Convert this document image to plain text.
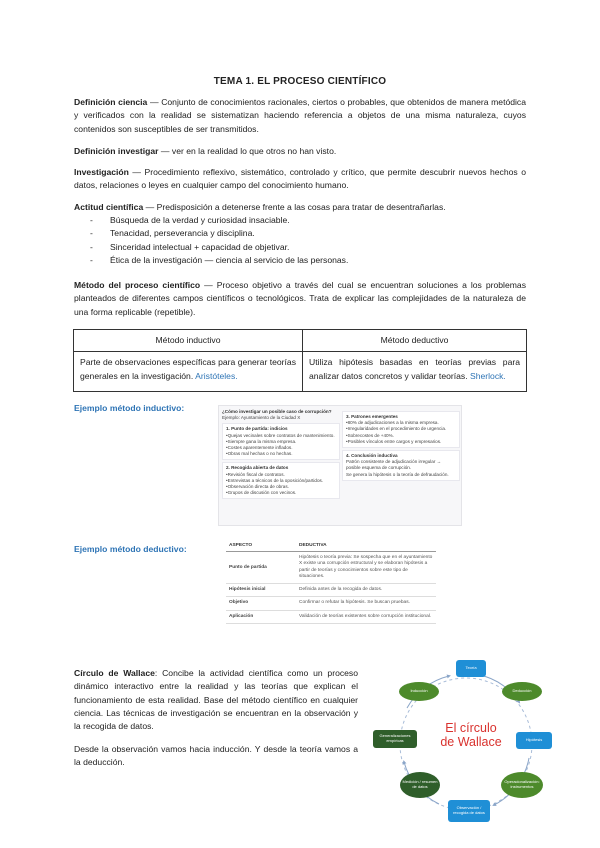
TEMA 1. EL PROCESO CIENTÍFICO

Definición ciencia — Conjunto de conocimientos racionales, ciertos o probables, que obtenidos de manera metódica y verificados con la realidad se sistematizan haciendo referencia a objetos de una misma naturaleza, cuyos contenidos son susceptibles de ser transmitidos.

Definición investigar — ver en la realidad lo que otros no han visto.

Investigación — Procedimiento reflexivo, sistemático, controlado y crítico, que permite descubrir nuevos hechos o datos, relaciones o leyes en cualquier campo del conocimiento humano.

Actitud científica — Predisposición a detenerse frente a las cosas para tratar de desentrañarlas.

- Búsqueda de la verdad y curiosidad insaciable.
- Tenacidad, perseverancia y disciplina.
- Sinceridad intelectual + capacidad de objetivar.
- Ética de la investigación — ciencia al servicio de las personas.

Método del proceso científico — Proceso objetivo a través del cual se encuentran soluciones a los problemas planteados de diferentes campos científicos o tecnológicos. Trata de explicar las complejidades de la naturaleza de una forma replicable (repetible).

Método inductivo	Método deductivo
Parte de observaciones específicas para generar teorías generales en la investigación. Aristóteles.	Utiliza hipótesis basadas en teorías previas para analizar datos concretos y validar teorías. Sherlock.
Ejemplo método inductivo:	¿Cómo investigar un posible caso de corrupción?
Ejemplo: Ayuntamiento de la Ciudad X
1. Punto de partida: indicios
•Quejas vecinales sobre contratos de mantenimiento.
•Siempre gana la misma empresa.
•Costes aparentemente inflados.
•Obras mal hechas o no hechas.
2. Recogida abierta de datos
•Revisión fiscal de contratos.
•Entrevistas a técnicos de la oposición/partidos.
•Observación directa de obras.
•Grupos de discusión con vecinos.
3. Patrones emergentes
•80% de adjudicaciones a la misma empresa.
•Irregularidades en el procedimiento de urgencia.
•Sobrecostes de +40%.
•Posibles vínculos entre cargos y empresarios.
4. Conclusión inductiva
Patrón consistente de adjudicación irregular → posible esquema de corrupción.
Se genera la hipótesis o la teoría de defraudación.
Ejemplo método deductivo:	ASPECTO	DEDUCTIVA
Punto de partida	Hipótesis o teoría previa: Se sospecha que en el ayuntamiento X existe una corrupción estructural y se elaboran hipótesis a partir de teorías y conocimientos sobre este tipo de situaciones.
Hipótesis inicial	Definida antes de la recogida de datos.
Objetivo	Confirmar o refutar la hipótesis. Se buscan pruebas.
Aplicación	Validación de teorías existentes sobre corrupción institucional.

Círculo de Wallace: Concibe la actividad científica como un proceso dinámico interactivo entre la realidad y las teorías que explican el funcionamiento de esta realidad. Base del método científico en cualquier ciencia. Las técnicas de investigación se encuentran en la observación y la recogida de datos.

Desde la observación vamos hacia inducción. Y desde la teoría vamos a la deducción.

Teoría
Deducción
Hipótesis
Operacionalización: instrumentos
Observación / recogida de datos
Medición / resumen de datos
Generalizaciones empíricas
Inducción
El círculo
de Wallace
